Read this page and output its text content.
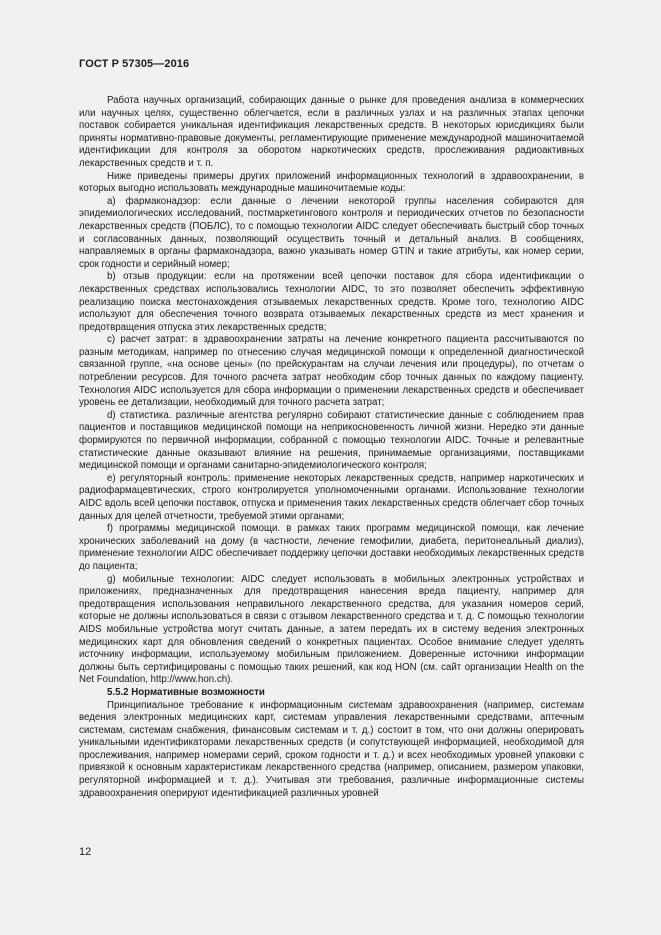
ГОСТ Р 57305—2016

Работа научных организаций, собирающих данные о рынке для проведения анализа в коммерческих или научных целях, существенно облегчается, если в различных узлах и на различных этапах цепочки поставок собирается уникальная идентификация лекарственных средств. В некоторых юрисдикциях были приняты нормативно-правовые документы, регламентирующие применение международной машиночитаемой идентификации для контроля за оборотом наркотических средств, прослеживания радиоактивных лекарственных средств и т. п.

Ниже приведены примеры других приложений информационных технологий в здравоохранении, в которых выгодно использовать международные машиночитаемые коды:

a) фармаконадзор: если данные о лечении некоторой группы населения собираются для эпидемиологических исследований, постмаркетингового контроля и периодических отчетов по безопасности лекарственных средств (ПОБЛС), то с помощью технологии AIDC следует обеспечивать быстрый сбор точных и согласованных данных, позволяющий осуществить точный и детальный анализ. В сообщениях, направляемых в органы фармаконадзора, важно указывать номер GTIN и такие атрибуты, как номер серии, срок годности и серийный номер;

b) отзыв продукции: если на протяжении всей цепочки поставок для сбора идентификации о лекарственных средствах использовались технологии AIDC, то это позволяет обеспечить эффективную реализацию поиска местонахождения отзываемых лекарственных средств. Кроме того, технологию AIDC используют для обеспечения точного возврата отзываемых лекарственных средств из мест хранения и предотвращения отпуска этих лекарственных средств;

c) расчет затрат: в здравоохранении затраты на лечение конкретного пациента рассчитываются по разным методикам, например по отнесению случая медицинской помощи к определенной диагностической связанной группе, «на основе цены» (по прейскурантам на случаи лечения или процедуры), по отчетам о потреблении ресурсов. Для точного расчета затрат необходим сбор точных данных по каждому пациенту. Технология AIDC используется для сбора информации о применении лекарственных средств и обеспечивает уровень ее детализации, необходимый для точного расчета затрат;

d) статистика. различные агентства регулярно собирают статистические данные с соблюдением прав пациентов и поставщиков медицинской помощи на неприкосновенность личной жизни. Нередко эти данные формируются по первичной информации, собранной с помощью технологии AIDC. Точные и релевантные статистические данные оказывают влияние на решения, принимаемые организациями, поставщиками медицинской помощи и органами санитарно-эпидемиологического контроля;

e) регуляторный контроль: применение некоторых лекарственных средств, например наркотических и радиофармацевтических, строго контролируется уполномоченными органами. Использование технологии AIDC вдоль всей цепочки поставок, отпуска и применения таких лекарственных средств облегчает сбор точных данных для целей отчетности, требуемой этими органами;

f) программы медицинской помощи. в рамках таких программ медицинской помощи, как лечение хронических заболеваний на дому (в частности, лечение гемофилии, диабета, перитонеальный диализ), применение технологии AIDC обеспечивает поддержку цепочки доставки необходимых лекарственных средств до пациента;

g) мобильные технологии: AIDC следует использовать в мобильных электронных устройствах и приложениях, предназначенных для предотвращения нанесения вреда пациенту, например для предотвращения использования неправильного лекарственного средства, для указания номеров серий, которые не должны использоваться в связи с отзывом лекарственного средства и т. д. С помощью технологии AIDS мобильные устройства могут считать данные, а затем передать их в систему ведения электронных медицинских карт для обновления сведений о конкретных пациентах. Особое внимание следует уделять источнику информации, используемому мобильным приложением. Доверенные источники информации должны быть сертифицированы с помощью таких решений, как код HON (см. сайт организации Health on the Net Foundation, http://www.hon.ch).

5.5.2 Нормативные возможности

Принципиальное требование к информационным системам здравоохранения (например, системам ведения электронных медицинских карт, системам управления лекарственными средствами, аптечным системам, системам снабжения, финансовым системам и т. д.) состоит в том, что они должны оперировать уникальными идентификаторами лекарственных средств (и сопутствующей информацией, необходимой для прослеживания, например номерами серий, сроком годности и т. д.) и всех необходимых уровней упаковки с привязкой к основным характеристикам лекарственного средства (например, описанием, размером упаковки, регуляторной информацией и т. д.). Учитывая эти требования, различные информационные системы здравоохранения оперируют идентификацией различных уровней

12
